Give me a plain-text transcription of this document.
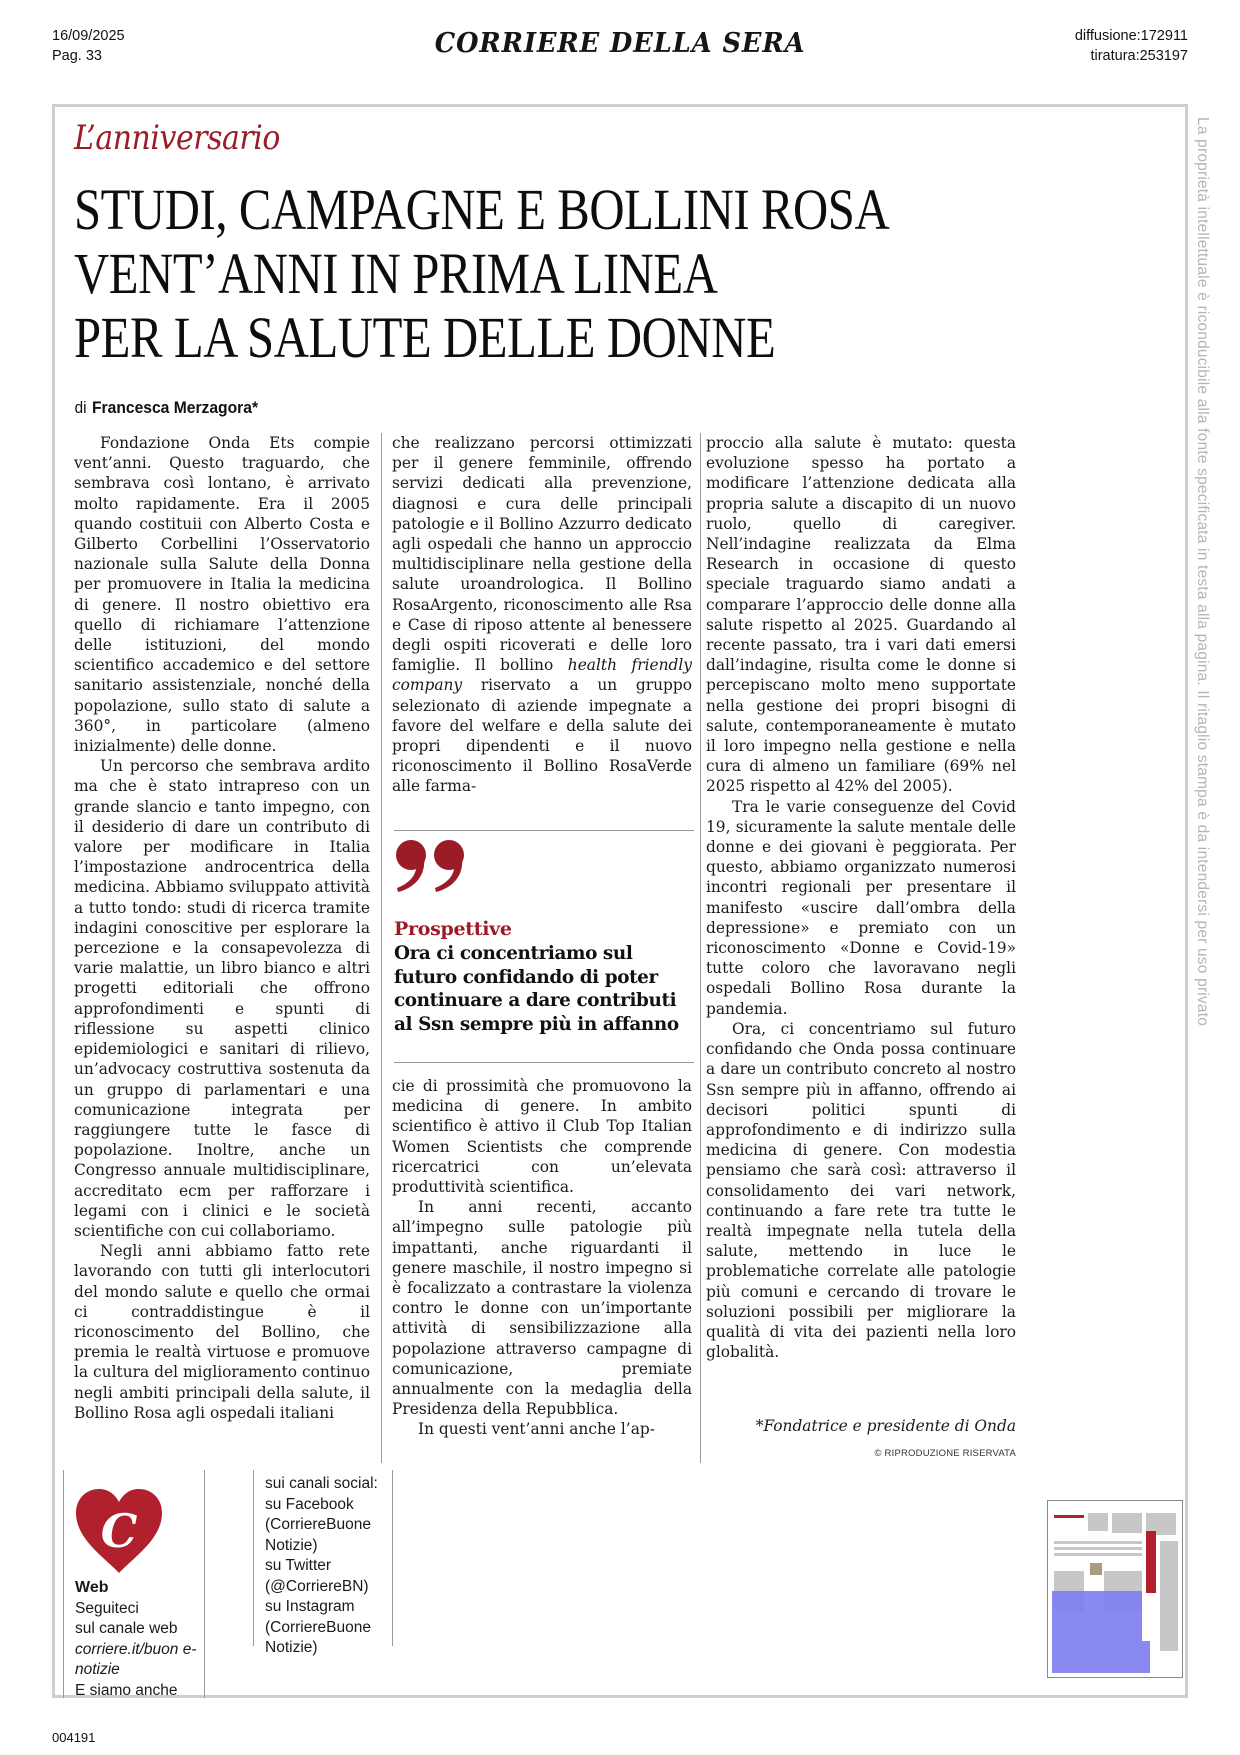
16/09/2025
Pag. 33	CORRIERE DELLA SERA	diffusione:172911
tiratura:253197
La proprietà intellettuale è riconducibile alla fonte specificata in testa alla pagina. Il ritaglio stampa è da intendersi per uso privato
L’anniversario
STUDI, CAMPAGNE E BOLLINI ROSA
VENT’ANNI IN PRIMA LINEA
PER LA SALUTE DELLE DONNE
di Francesca Merzagora*

Fondazione Onda Ets compie vent’anni. Questo traguardo, che sembrava così lontano, è arrivato molto rapidamente. Era il 2005 quando costituii con Alberto Costa e Gilberto Corbellini l’Osservatorio nazionale sulla Salute della Donna per promuovere in Italia la medicina di genere. Il nostro obiettivo era quello di richiamare l’attenzione delle istituzioni, del mondo scientifico accademico e del settore sanitario assistenziale, nonché della popolazione, sullo stato di salute a 360°, in particolare (almeno inizialmente) delle donne.

Un percorso che sembrava ardito ma che è stato intrapreso con un grande slancio e tanto impegno, con il desiderio di dare un contributo di valore per modificare in Italia l’impostazione androcentrica della medicina. Abbiamo sviluppato attività a tutto tondo: studi di ricerca tramite indagini conoscitive per esplorare la percezione e la consapevolezza di varie malattie, un libro bianco e altri progetti editoriali che offrono approfondimenti e spunti di riflessione su aspetti clinico epidemiologici e sanitari di rilievo, un’advocacy costruttiva sostenuta da un gruppo di parlamentari e una comunicazione integrata per raggiungere tutte le fasce di popolazione. Inoltre, anche un Congresso annuale multidisciplinare, accreditato ecm per rafforzare i legami con i clinici e le società scientifiche con cui collaboriamo.

Negli anni abbiamo fatto rete lavorando con tutti gli interlocutori del mondo salute e quello che ormai ci contraddistingue è il riconoscimento del Bollino, che premia le realtà virtuose e promuove la cultura del miglioramento continuo negli ambiti principali della salute, il Bollino Rosa agli ospedali italiani

che realizzano percorsi ottimizzati per il genere femminile, offrendo servizi dedicati alla prevenzione, diagnosi e cura delle principali patologie e il Bollino Azzurro dedicato agli ospedali che hanno un approccio multidisciplinare nella gestione della salute uroandrologica. Il Bollino RosaArgento, riconoscimento alle Rsa e Case di riposo attente al benessere degli ospiti ricoverati e delle loro famiglie. Il bollino health friendly company riservato a un gruppo selezionato di aziende impegnate a favore del welfare e della salute dei propri dipendenti e il nuovo riconoscimento il Bollino RosaVerde alle farma-

Prospettive
Ora ci concentriamo sul futuro confidando di poter continuare a dare contributi al Ssn sempre più in affanno

cie di prossimità che promuovono la medicina di genere. In ambito scientifico è attivo il Club Top Italian Women Scientists che comprende ricercatrici con un’elevata produttività scientifica.

In anni recenti, accanto all’impegno sulle patologie più impattanti, anche riguardanti il genere maschile, il nostro impegno si è focalizzato a contrastare la violenza contro le donne con un’importante attività di sensibilizzazione alla popolazione attraverso campagne di comunicazione, premiate annualmente con la medaglia della Presidenza della Repubblica.

In questi vent’anni anche l’ap-

proccio alla salute è mutato: questa evoluzione spesso ha portato a modificare l’attenzione dedicata alla propria salute a discapito di un nuovo ruolo, quello di caregiver. Nell’indagine realizzata da Elma Research in occasione di questo speciale traguardo siamo andati a comparare l’approccio delle donne alla salute rispetto al 2025. Guardando al recente passato, tra i vari dati emersi dall’indagine, risulta come le donne si percepiscano molto meno supportate nella gestione dei propri bisogni di salute, contemporaneamente è mutato il loro impegno nella gestione e nella cura di almeno un familiare (69% nel 2025 rispetto al 42% del 2005).

Tra le varie conseguenze del Covid 19, sicuramente la salute mentale delle donne e dei giovani è peggiorata. Per questo, abbiamo organizzato numerosi incontri regionali per presentare il manifesto «uscire dall’ombra della depressione» e premiato con un riconoscimento «Donne e Covid-19» tutte coloro che lavoravano negli ospedali Bollino Rosa durante la pandemia.

Ora, ci concentriamo sul futuro confidando che Onda possa continuare a dare un contributo concreto al nostro Ssn sempre più in affanno, offrendo ai decisori politici spunti di approfondimento e di indirizzo sulla medicina di genere. Con modestia pensiamo che sarà così: attraverso il consolidamento dei vari network, continuando a fare rete tra tutte le realtà impegnate nella tutela della salute, mettendo in luce le problematiche correlate alle patologie più comuni e cercando di trovare le soluzioni possibili per migliorare la qualità di vita dei pazienti nella loro globalità.

*Fondatrice e presidente di Onda
© RIPRODUZIONE RISERVATA
C
Web
Seguiteci
sul canale web
corriere.it/buon e-notizie
E siamo anche
sui canali social:
su Facebook
(CorriereBuone Notizie)
su Twitter
(@CorriereBN)
su Instagram
(CorriereBuone Notizie)
004191
